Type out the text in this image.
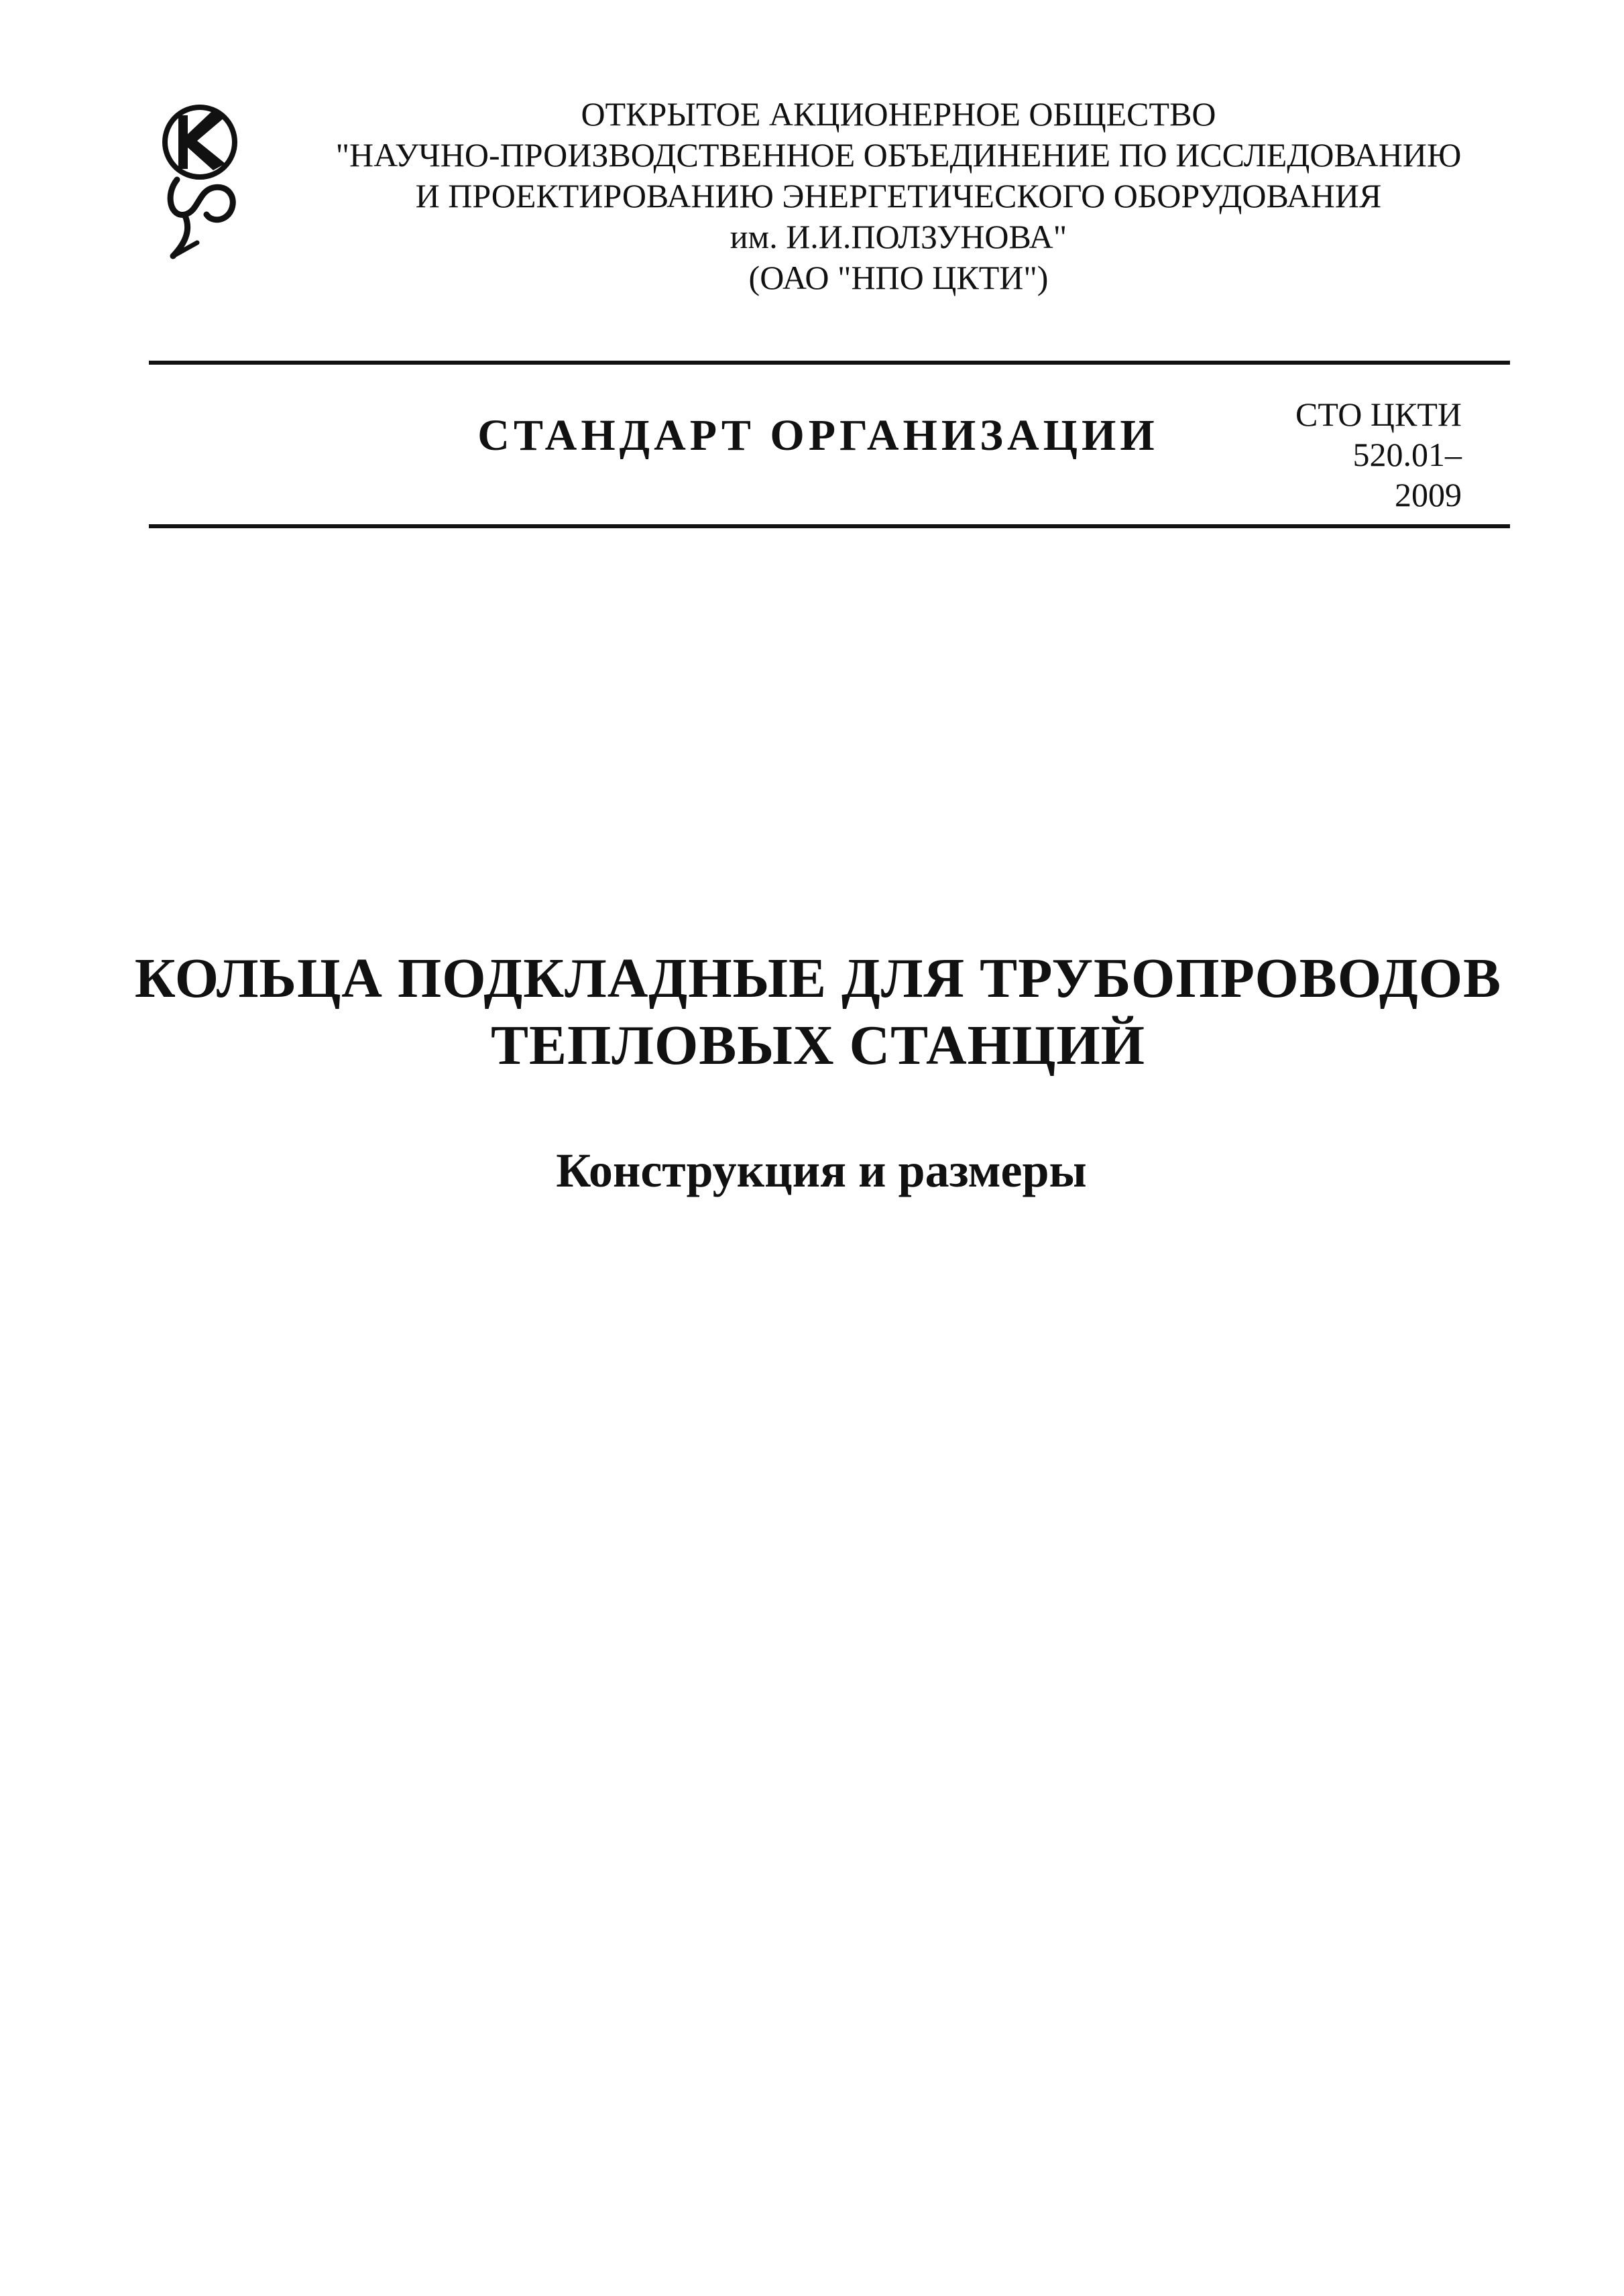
ОТКРЫТОЕ АКЦИОНЕРНОЕ ОБЩЕСТВО
"НАУЧНО-ПРОИЗВОДСТВЕННОЕ ОБЪЕДИНЕНИЕ ПО ИССЛЕДОВАНИЮ
И ПРОЕКТИРОВАНИЮ ЭНЕРГЕТИЧЕСКОГО ОБОРУДОВАНИЯ
им. И.И.ПОЛЗУНОВА"
(ОАО "НПО ЦКТИ")
СТАНДАРТ ОРГАНИЗАЦИИ	СТО ЦКТИ
520.01–
2009
КОЛЬЦА ПОДКЛАДНЫЕ ДЛЯ ТРУБОПРОВОДОВ
ТЕПЛОВЫХ СТАНЦИЙ
Конструкция и размеры
